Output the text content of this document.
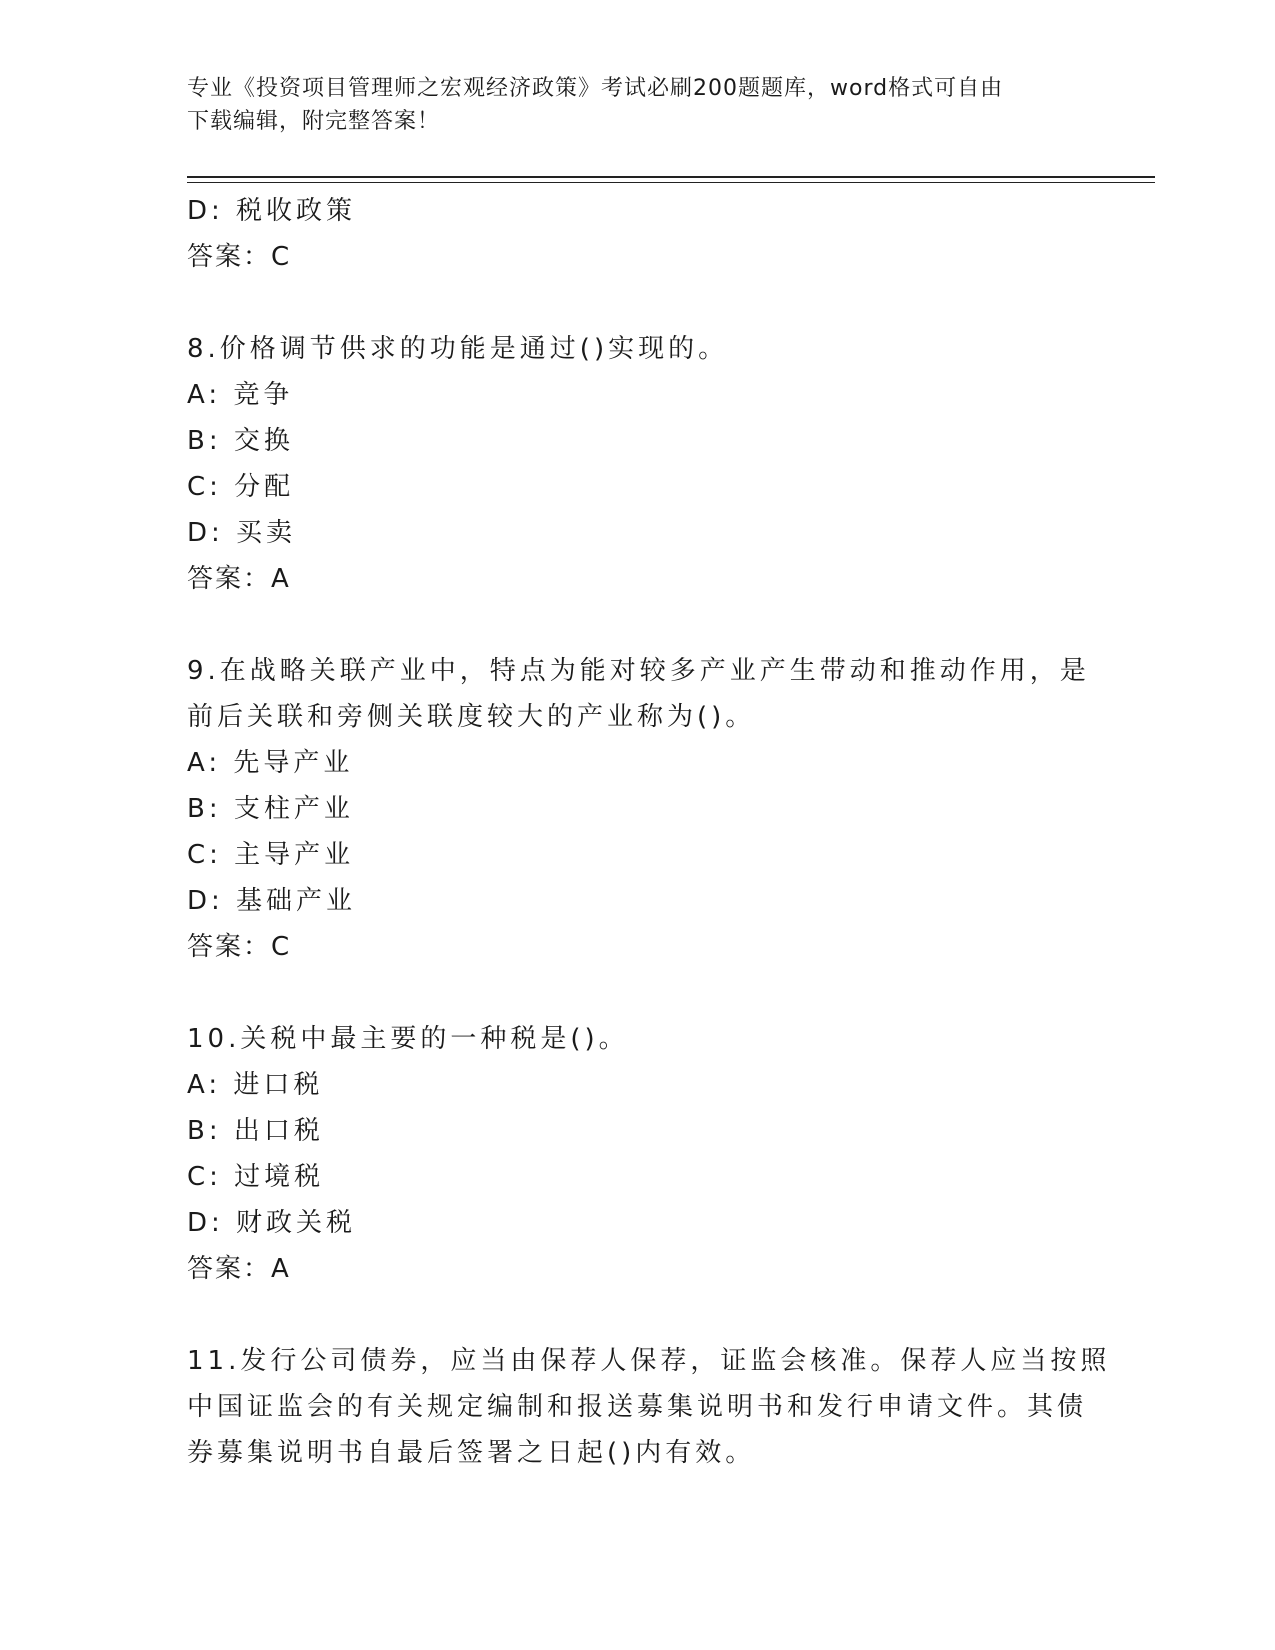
专业《投资项目管理师之宏观经济政策》考试必刷200题题库，word格式可自由
下载编辑，附完整答案！
D: 税收政策
答案：C
8.价格调节供求的功能是通过()实现的。
A: 竞争
B: 交换
C: 分配
D: 买卖
答案：A
9.在战略关联产业中，特点为能对较多产业产生带动和推动作用，是
前后关联和旁侧关联度较大的产业称为()。
A: 先导产业
B: 支柱产业
C: 主导产业
D: 基础产业
答案：C
10.关税中最主要的一种税是()。
A: 进口税
B: 出口税
C: 过境税
D: 财政关税
答案：A
11.发行公司债券，应当由保荐人保荐，证监会核准。保荐人应当按照
中国证监会的有关规定编制和报送募集说明书和发行申请文件。其债
券募集说明书自最后签署之日起()内有效。
